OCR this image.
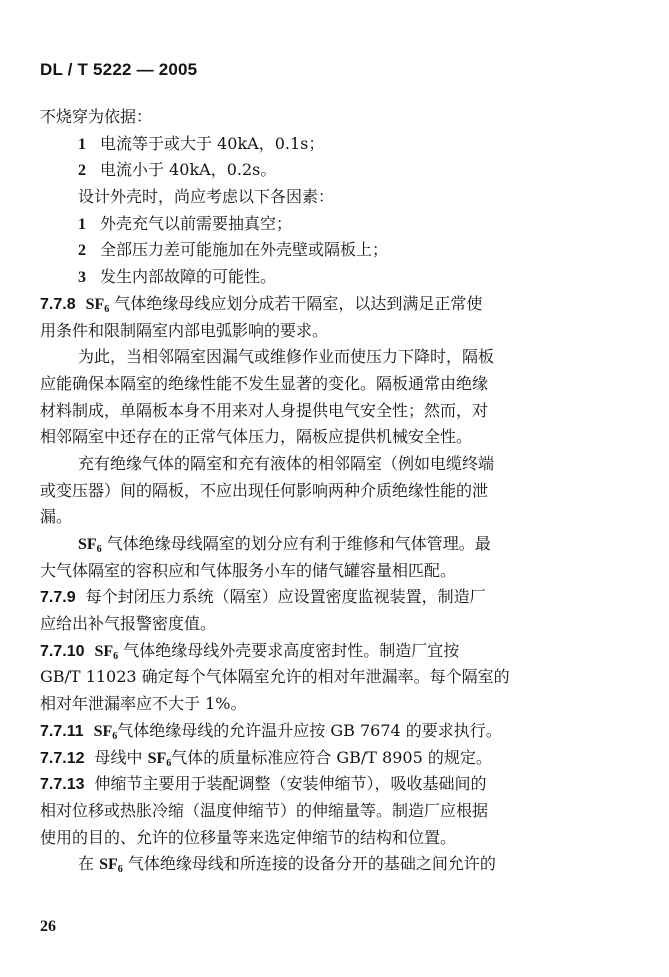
DL / T 5222 — 2005
不烧穿为依据：
1 电流等于或大于 40kA，0.1s；
2 电流小于 40kA，0.2s。
设计外壳时，尚应考虑以下各因素：
1 外壳充气以前需要抽真空；
2 全部压力差可能施加在外壳壁或隔板上；
3 发生内部故障的可能性。
7.7.8 $SF_6$ 气体绝缘母线应划分成若干隔室，以达到满足正常使
用条件和限制隔室内部电弧影响的要求。
为此，当相邻隔室因漏气或维修作业而使压力下降时，隔板
应能确保本隔室的绝缘性能不发生显著的变化。隔板通常由绝缘
材料制成，单隔板本身不用来对人身提供电气安全性；然而，对
相邻隔室中还存在的正常气体压力，隔板应提供机械安全性。
充有绝缘气体的隔室和充有液体的相邻隔室（例如电缆终端
或变压器）间的隔板，不应出现任何影响两种介质绝缘性能的泄
漏。
$SF_6$ 气体绝缘母线隔室的划分应有利于维修和气体管理。最
大气体隔室的容积应和气体服务小车的储气罐容量相匹配。
7.7.9 每个封闭压力系统（隔室）应设置密度监视装置，制造厂
应给出补气报警密度值。
7.7.10 $SF_6$ 气体绝缘母线外壳要求高度密封性。制造厂宜按
GB/T 11023 确定每个气体隔室允许的相对年泄漏率。每个隔室的
相对年泄漏率应不大于 1%。
7.7.11 $SF_6$气体绝缘母线的允许温升应按 GB 7674 的要求执行。
7.7.12 母线中 $SF_6$气体的质量标准应符合 GB/T 8905 的规定。
7.7.13 伸缩节主要用于装配调整（安装伸缩节），吸收基础间的
相对位移或热胀冷缩（温度伸缩节）的伸缩量等。制造厂应根据
使用的目的、允许的位移量等来选定伸缩节的结构和位置。
在 $SF_6$ 气体绝缘母线和所连接的设备分开的基础之间允许的
26
